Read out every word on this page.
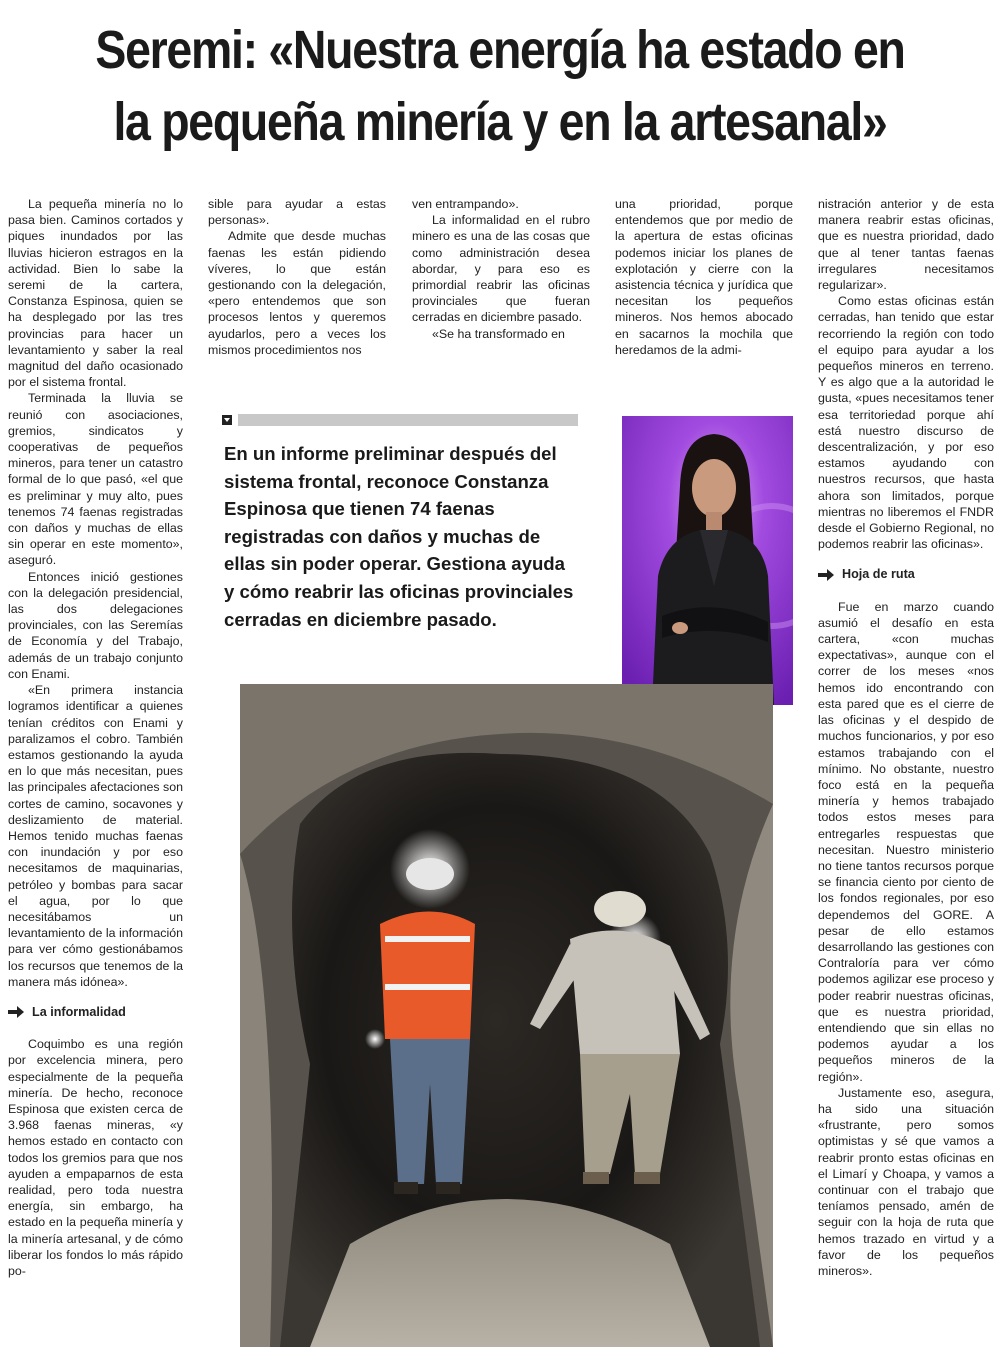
Seremi: «Nuestra energía ha estado en
la pequeña minería y en la artesanal»

La pequeña minería no lo pasa bien. Caminos cortados y piques inundados por las lluvias hicieron estragos en la actividad. Bien lo sabe la seremi de la cartera, Constanza Espinosa, quien se ha desplegado por las tres provincias para hacer un levantamiento y saber la real magnitud del daño ocasionado por el sistema frontal.

Terminada la lluvia se reunió con asociaciones, gremios, sindicatos y cooperativas de pequeños mineros, para tener un catastro formal de lo que pasó, «el que es preliminar y muy alto, pues tenemos 74 faenas registradas con daños y muchas de ellas sin operar en este momento», aseguró.

Entonces inició gestiones con la delegación presidencial, las dos delegaciones provinciales, con las Seremías de Economía y del Trabajo, además de un trabajo conjunto con Enami.

«En primera instancia logramos identificar a quienes tenían créditos con Enami y paralizamos el cobro. También estamos gestionando la ayuda en lo que más necesitan, pues las principales afectaciones son cortes de camino, socavones y deslizamiento de material. Hemos tenido muchas faenas con inundación y por eso necesitamos de maquinarias, petróleo y bombas para sacar el agua, por lo que necesitábamos un levantamiento de la información para ver cómo gestionábamos los recursos que tenemos de la manera más idónea».

La informalidad

Coquimbo es una región por excelencia minera, pero especialmente de la pequeña minería. De hecho, reconoce Espinosa que existen cerca de 3.968 faenas mineras, «y hemos estado en contacto con todos los gremios para que nos ayuden a empaparnos de esta realidad, pero toda nuestra energía, sin embargo, ha estado en la pequeña minería y la minería artesanal, y de cómo liberar los fondos lo más rápido po-

sible para ayudar a estas personas».

Admite que desde muchas faenas les están pidiendo víveres, lo que están gestionando con la delegación, «pero entendemos que son procesos lentos y queremos ayudarlos, pero a veces los mismos procedimientos nos

ven entrampando».

La informalidad en el rubro minero es una de las cosas que como administración desea abordar, y para eso es primordial reabrir las oficinas provinciales que fueran cerradas en diciembre pasado.

«Se ha transformado en

una prioridad, porque entendemos que por medio de la apertura de estas oficinas podemos iniciar los planes de explotación y cierre con la asistencia técnica y jurídica que necesitan los pequeños mineros. Nos hemos abocado en sacarnos la mochila que heredamos de la admi-

nistración anterior y de esta manera reabrir estas oficinas, que es nuestra prioridad, dado que al tener tantas faenas irregulares necesitamos regularizar».

Como estas oficinas están cerradas, han tenido que estar recorriendo la región con todo el equipo para ayudar a los pequeños mineros en terreno. Y es algo que a la autoridad le gusta, «pues necesitamos tener esa territoriedad porque ahí está nuestro discurso de descentralización, y por eso estamos ayudando con nuestros recursos, que hasta ahora son limitados, porque mientras no liberemos el FNDR desde el Gobierno Regional, no podemos reabrir las oficinas».

Hoja de ruta

Fue en marzo cuando asumió el desafío en esta cartera, «con muchas expectativas», aunque con el correr de los meses «nos hemos ido encontrando con esta pared que es el cierre de las oficinas y el despido de muchos funcionarios, y por eso estamos trabajando con el mínimo. No obstante, nuestro foco está en la pequeña minería y hemos trabajado todos estos meses para entregarles respuestas que necesitan. Nuestro ministerio no tiene tantos recursos porque se financia ciento por ciento de los fondos regionales, por eso dependemos del GORE. A pesar de ello estamos desarrollando las gestiones con Contraloría para ver cómo podemos agilizar ese proceso y poder reabrir nuestras oficinas, que es nuestra prioridad, entendiendo que sin ellas no podemos ayudar a los pequeños mineros de la región».

Justamente eso, asegura, ha sido una situación «frustrante, pero somos optimistas y sé que vamos a reabrir pronto estas oficinas en el Limarí y Choapa, y vamos a continuar con el trabajo que teníamos pensado, amén de seguir con la hoja de ruta que hemos trazado en virtud y a favor de los pequeños mineros».

En un informe preliminar después del sistema frontal, reconoce Constanza Espinosa que tienen 74 faenas registradas con daños y muchas de ellas sin poder operar. Gestiona ayuda y cómo reabrir las oficinas provinciales cerradas en diciembre pasado.
